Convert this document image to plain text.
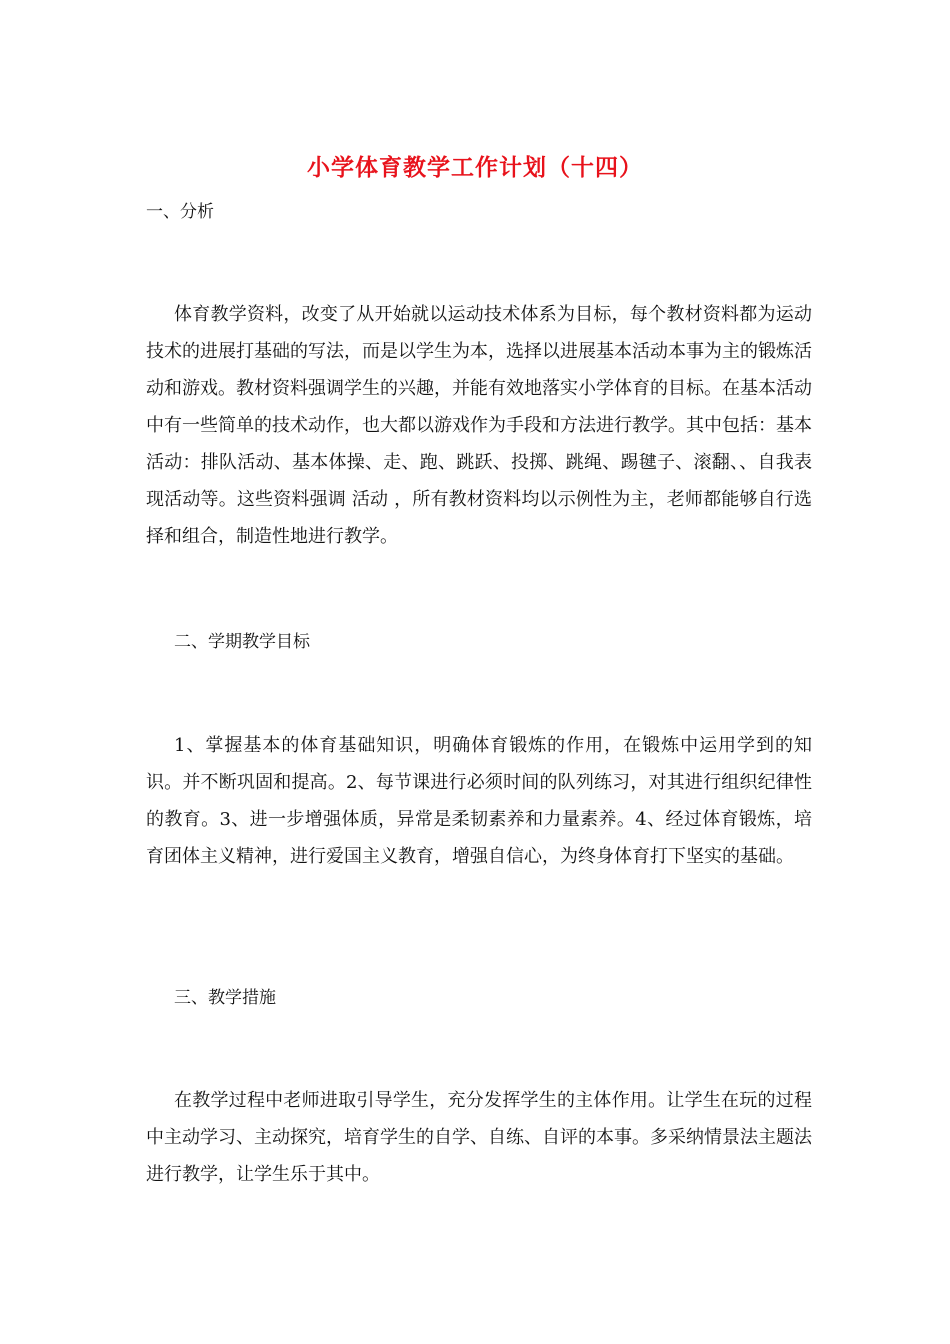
小学体育教学工作计划（十四）
一、分析
体育教学资料，改变了从开始就以运动技术体系为目标，每个教材资料都为运动技术的进展打基础的写法，而是以学生为本，选择以进展基本活动本事为主的锻炼活动和游戏。教材资料强调学生的兴趣，并能有效地落实小学体育的目标。在基本活动中有一些简单的技术动作，也大都以游戏作为手段和方法进行教学。其中包括：基本活动：排队活动、基本体操、走、跑、跳跃、投掷、跳绳、踢毽子、滚翻、、自我表现活动等。这些资料强调 活动 ，所有教材资料均以示例性为主，老师都能够自行选择和组合，制造性地进行教学。
二、学期教学目标
1、掌握基本的体育基础知识，明确体育锻炼的作用，在锻炼中运用学到的知识。并不断巩固和提高。2、每节课进行必须时间的队列练习，对其进行组织纪律性的教育。3、进一步增强体质，异常是柔韧素养和力量素养。4、经过体育锻炼，培育团体主义精神，进行爱国主义教育，增强自信心，为终身体育打下坚实的基础。
三、教学措施
在教学过程中老师进取引导学生，充分发挥学生的主体作用。让学生在玩的过程中主动学习、主动探究，培育学生的自学、自练、自评的本事。多采纳情景法主题法进行教学，让学生乐于其中。
